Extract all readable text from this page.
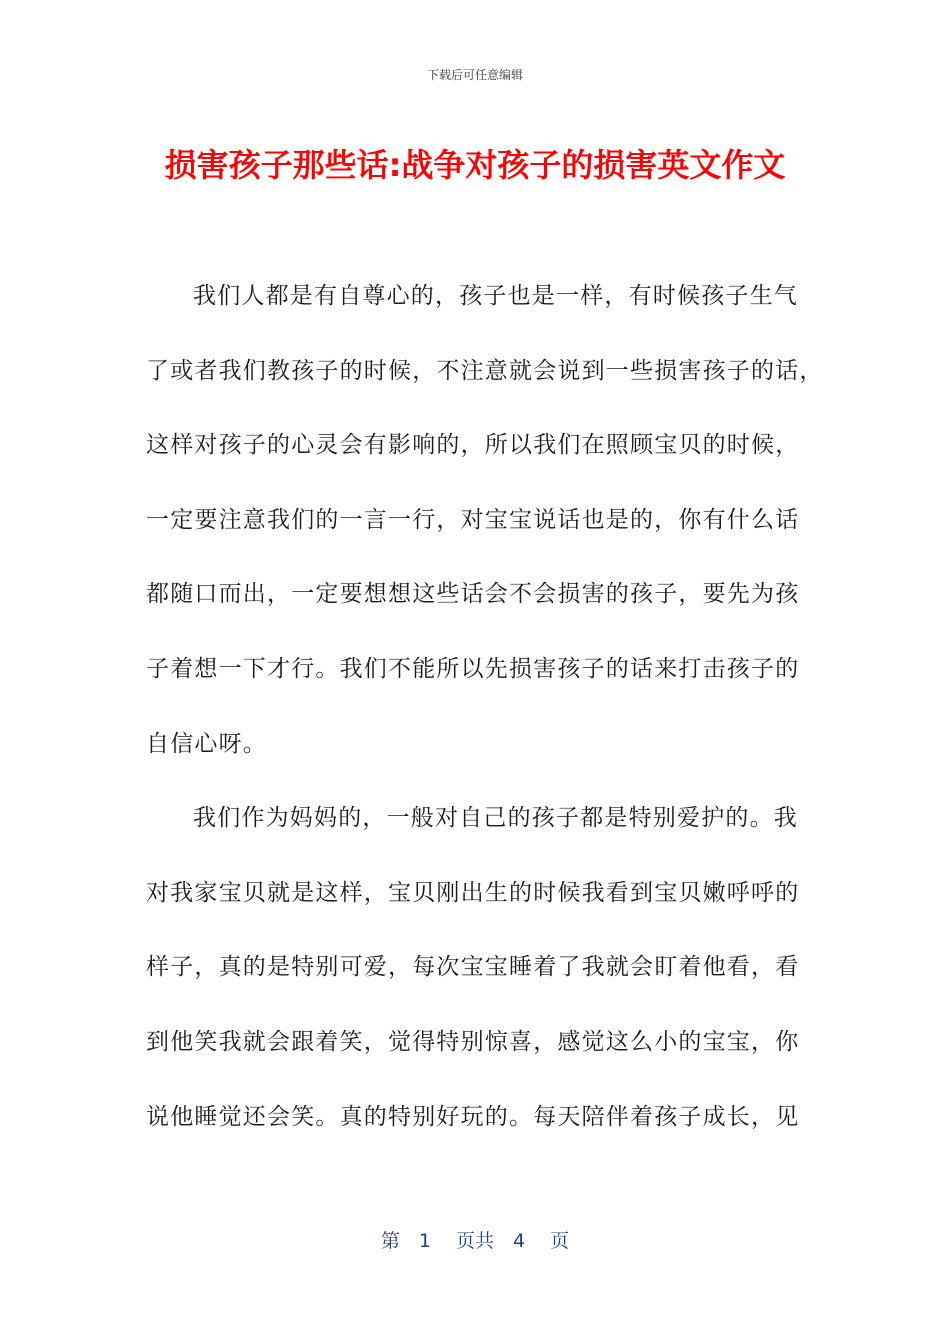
下载后可任意编辑
损害孩子那些话:战争对孩子的损害英文作文
我们人都是有自尊心的，孩子也是一样，有时候孩子生气
了或者我们教孩子的时候，不注意就会说到一些损害孩子的话，
这样对孩子的心灵会有影响的，所以我们在照顾宝贝的时候，
一定要注意我们的一言一行，对宝宝说话也是的，你有什么话
都随口而出，一定要想想这些话会不会损害的孩子，要先为孩
子着想一下才行。我们不能所以先损害孩子的话来打击孩子的
自信心呀。
我们作为妈妈的，一般对自己的孩子都是特别爱护的。我
对我家宝贝就是这样，宝贝刚出生的时候我看到宝贝嫩呼呼的
样子，真的是特别可爱，每次宝宝睡着了我就会盯着他看，看
到他笑我就会跟着笑，觉得特别惊喜，感觉这么小的宝宝，你
说他睡觉还会笑。真的特别好玩的。每天陪伴着孩子成长，见
第　1　 页共　4　 页
